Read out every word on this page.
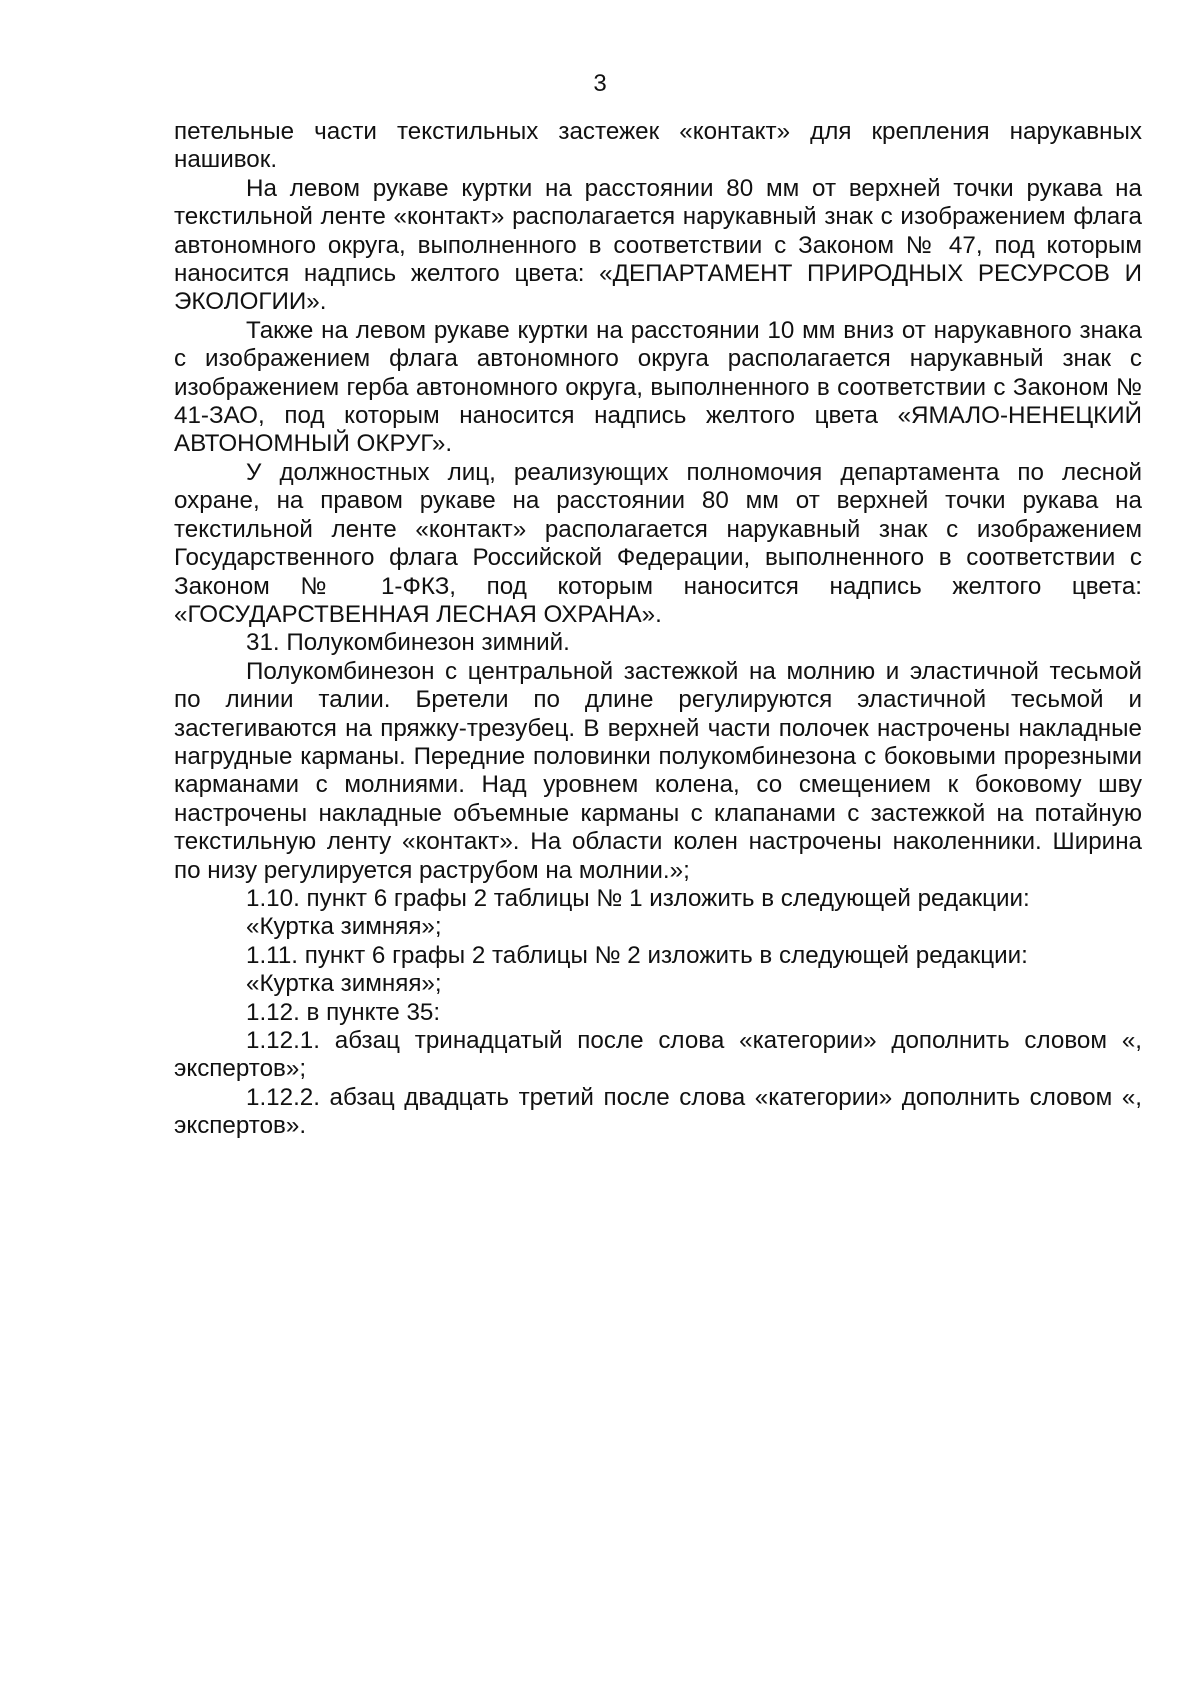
3

петельные части текстильных застежек «контакт» для крепления нарукавных нашивок.

На левом рукаве куртки на расстоянии 80 мм от верхней точки рукава на текстильной ленте «контакт» располагается нарукавный знак с изображением флага автономного округа, выполненного в соответствии с Законом № 47, под которым наносится надпись желтого цвета: «ДЕПАРТАМЕНТ ПРИРОДНЫХ РЕСУРСОВ И ЭКОЛОГИИ».

Также на левом рукаве куртки на расстоянии 10 мм вниз от нарукавного знака с изображением флага автономного округа располагается нарукавный знак с изображением герба автономного округа, выполненного в соответствии с Законом № 41-ЗАО, под которым наносится надпись желтого цвета «ЯМАЛО-НЕНЕЦКИЙ АВТОНОМНЫЙ ОКРУГ».

У должностных лиц, реализующих полномочия департамента по лесной охране, на правом рукаве на расстоянии 80 мм от верхней точки рукава на текстильной ленте «контакт» располагается нарукавный знак с изображением Государственного флага Российской Федерации, выполненного в соответствии с Законом № 1-ФКЗ, под которым наносится надпись желтого цвета: «ГОСУДАРСТВЕННАЯ ЛЕСНАЯ ОХРАНА».

31. Полукомбинезон зимний.

Полукомбинезон с центральной застежкой на молнию и эластичной тесьмой по линии талии. Бретели по длине регулируются эластичной тесьмой и застегиваются на пряжку-трезубец. В верхней части полочек настрочены накладные нагрудные карманы. Передние половинки полукомбинезона с боковыми прорезными карманами с молниями. Над уровнем колена, со смещением к боковому шву настрочены накладные объемные карманы с клапанами с застежкой на потайную текстильную ленту «контакт». На области колен настрочены наколенники. Ширина по низу регулируется раструбом на молнии.»;

1.10. пункт 6 графы 2 таблицы № 1 изложить в следующей редакции:

«Куртка зимняя»;

1.11. пункт 6 графы 2 таблицы № 2 изложить в следующей редакции:

«Куртка зимняя»;

1.12. в пункте 35:

1.12.1. абзац тринадцатый после слова «категории» дополнить словом «, экспертов»;

1.12.2. абзац двадцать третий после слова «категории» дополнить словом «, экспертов».
